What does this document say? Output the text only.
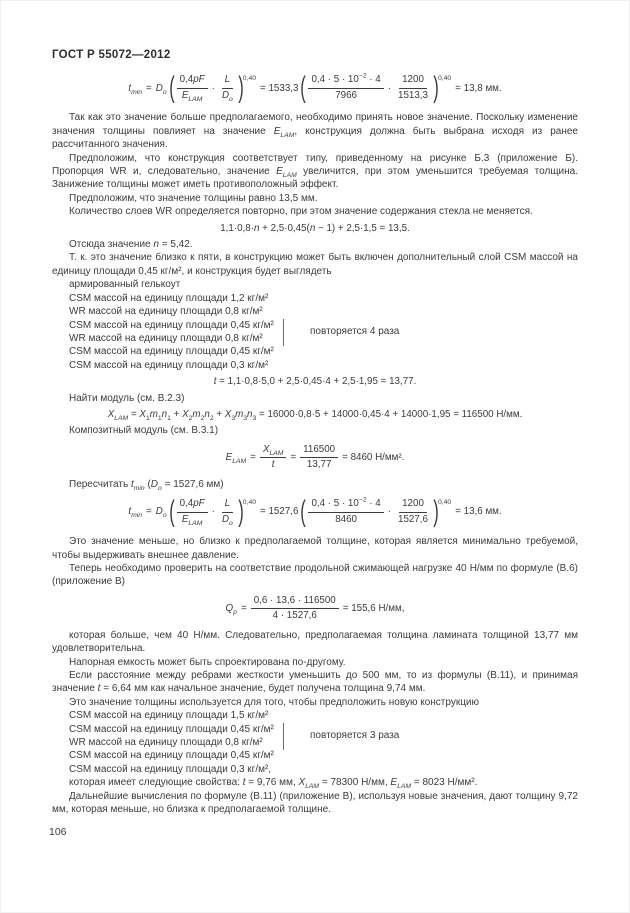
ГОСТ Р 55072—2012

$t_{min} = D_o$ ( $\frac{0,4pF}{E_{LAM}} \cdot \frac{L}{D_o} )^{0,40}$
= 1533,3 ( $\frac{0,4 \cdot 5 \cdot 10^{-2} \cdot 4}{7966} \cdot \frac{1200}{1513,3} )^{0,40}$
= 13,8 мм.

Так как это значение больше предполагаемого, необходимо принять новое значение. Поскольку изменение значения толщины повлияет на значение $E_{LAM}$, конструкция должна быть выбрана исходя из ранее рассчитанного значения.

Предположим, что конструкция соответствует типу, приведенному на рисунке Б.3 (приложение Б). Пропорция WR и, следовательно, значение $E_{LAM}$ увеличится, при этом уменьшится требуемая толщина. Занижение толщины может иметь противоположный эффект.

Предположим, что значение толщины равно 13,5 мм.

Количество слоев WR определяется повторно, при этом значение содержания стекла не меняется.

1,1·0,8·n + 2,5·0,45(n − 1) + 2,5·1,5 = 13,5.

Отсюда значение n = 5,42.

Т. к. это значение близко к пяти, в конструкцию может быть включен дополнительный слой CSM массой на единицу площади 0,45 кг/м², и конструкция будет выглядеть

армированный гелькоут
CSM массой на единицу площади 1,2 кг/м²
WR массой на единицу площади 0,8 кг/м²
CSM массой на единицу площади 0,45 кг/м²
WR массой на единицу площади 0,8 кг/м²
CSM массой на единицу площади 0,45 кг/м²
CSM массой на единицу площади 0,3 кг/м²
повторяется 4 раза
t = 1,1·0,8·5,0 + 2,5·0,45·4 + 2,5·1,95 = 13,77.

Найти модуль (см. В.2.3)

$X_{LAM} = X_1m_1n_1 + X_2m_2n_2 + X_3m_3n_3 = 16000\cdot 0,8\cdot 5 + 14000\cdot 0,45\cdot 4 + 14000\cdot 1,95 = 116500$ Н/мм.

Композитный модуль (см. В.3.1)

$E_{LAM} = \frac{X_{LAM}}{t} = \frac{116500}{13,77} = 8460$ Н/мм².

Пересчитать $t_{min}$ ($D_o = 1527,6$ мм)

$t_{min} = D_o$ ( $\frac{0,4pF}{E_{LAM}} \cdot \frac{L}{D_o} )^{0,40}$
= 1527,6 ( $\frac{0,4 \cdot 5 \cdot 10^{-2} \cdot 4}{8460} \cdot \frac{1200}{1527,6} )^{0,40}$
= 13,6 мм.

Это значение меньше, но близко к предполагаемой толщине, которая является минимально требуемой, чтобы выдерживать внешнее давление.

Теперь необходимо проверить на соответствие продольной сжимающей нагрузке 40 Н/мм по формуле (В.6) (приложение В)

$Q_p = \frac{0,6 \cdot 13,6 \cdot 116500}{4 \cdot 1527,6} = 155,6$ Н/мм,

которая больше, чем 40 Н/мм. Следовательно, предполагаемая толщина ламината толщиной 13,77 мм удовлетворительна.

Напорная емкость может быть спроектирована по-другому.

Если расстояние между ребрами жесткости уменьшить до 500 мм, то из формулы (В.11), и принимая значение t = 6,64 мм как начальное значение, будет получена толщина 9,74 мм.

Это значение толщины используется для того, чтобы предположить новую конструкцию

CSM массой на единицу площади 1,5 кг/м²
CSM массой на единицу площади 0,45 кг/м²
WR массой на единицу площади 0,8 кг/м²
CSM массой на единицу площади 0,45 кг/м²
CSM массой на единицу площади 0,3 кг/м²,
повторяется 3 раза

которая имеет следующие свойства: t = 9,76 мм, $X_{LAM} = 78300$ Н/мм, $E_{LAM} = 8023$ Н/мм².

Дальнейшие вычисления по формуле (В.11) (приложение В), используя новые значения, дают толщину 9,72 мм, которая меньше, но близка к предполагаемой толщине.

106
